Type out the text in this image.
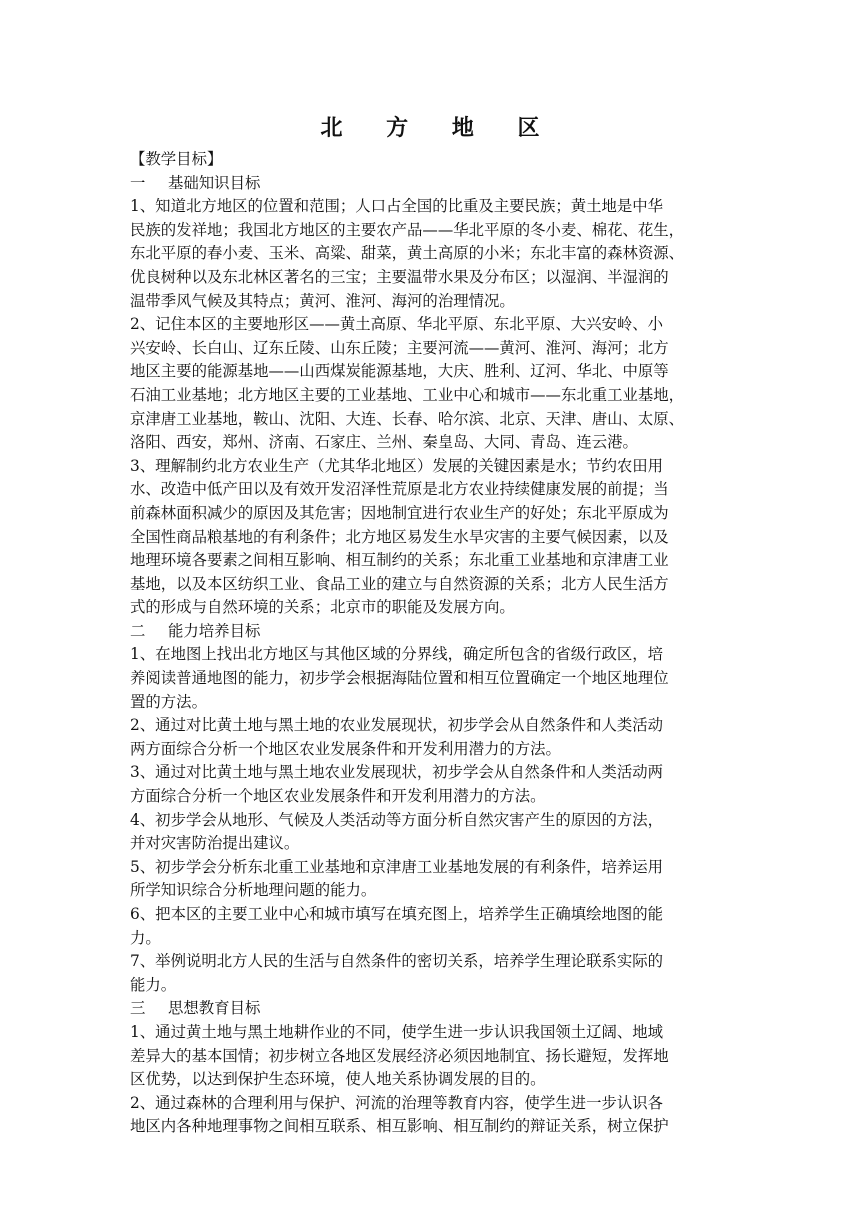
北 方 地 区
【教学目标】
一 基础知识目标
1、知道北方地区的位置和范围；人口占全国的比重及主要民族；黄土地是中华
民族的发祥地；我国北方地区的主要农产品——华北平原的冬小麦、棉花、花生，
东北平原的春小麦、玉米、高粱、甜菜，黄土高原的小米；东北丰富的森林资源、
优良树种以及东北林区著名的三宝；主要温带水果及分布区；以湿润、半湿润的
温带季风气候及其特点；黄河、淮河、海河的治理情况。
2、记住本区的主要地形区——黄土高原、华北平原、东北平原、大兴安岭、小
兴安岭、长白山、辽东丘陵、山东丘陵；主要河流——黄河、淮河、海河；北方
地区主要的能源基地——山西煤炭能源基地，大庆、胜利、辽河、华北、中原等
石油工业基地；北方地区主要的工业基地、工业中心和城市——东北重工业基地，
京津唐工业基地，鞍山、沈阳、大连、长春、哈尔滨、北京、天津、唐山、太原、
洛阳、西安，郑州、济南、石家庄、兰州、秦皇岛、大同、青岛、连云港。
3、理解制约北方农业生产（尤其华北地区）发展的关键因素是水；节约农田用
水、改造中低产田以及有效开发沼泽性荒原是北方农业持续健康发展的前提；当
前森林面积减少的原因及其危害；因地制宜进行农业生产的好处；东北平原成为
全国性商品粮基地的有利条件；北方地区易发生水旱灾害的主要气候因素，以及
地理环境各要素之间相互影响、相互制约的关系；东北重工业基地和京津唐工业
基地，以及本区纺织工业、食品工业的建立与自然资源的关系；北方人民生活方
式的形成与自然环境的关系；北京市的职能及发展方向。
二 能力培养目标
1、在地图上找出北方地区与其他区域的分界线，确定所包含的省级行政区，培
养阅读普通地图的能力，初步学会根据海陆位置和相互位置确定一个地区地理位
置的方法。
2、通过对比黄土地与黑土地的农业发展现状，初步学会从自然条件和人类活动
两方面综合分析一个地区农业发展条件和开发利用潜力的方法。
3、通过对比黄土地与黑土地农业发展现状，初步学会从自然条件和人类活动两
方面综合分析一个地区农业发展条件和开发利用潜力的方法。
4、初步学会从地形、气候及人类活动等方面分析自然灾害产生的原因的方法，
并对灾害防治提出建议。
5、初步学会分析东北重工业基地和京津唐工业基地发展的有利条件，培养运用
所学知识综合分析地理问题的能力。
6、把本区的主要工业中心和城市填写在填充图上，培养学生正确填绘地图的能
力。
7、举例说明北方人民的生活与自然条件的密切关系，培养学生理论联系实际的
能力。
三 思想教育目标
1、通过黄土地与黑土地耕作业的不同，使学生进一步认识我国领土辽阔、地域
差异大的基本国情；初步树立各地区发展经济必须因地制宜、扬长避短，发挥地
区优势，以达到保护生态环境，使人地关系协调发展的目的。
2、通过森林的合理利用与保护、河流的治理等教育内容，使学生进一步认识各
地区内各种地理事物之间相互联系、相互影响、相互制约的辩证关系，树立保护
